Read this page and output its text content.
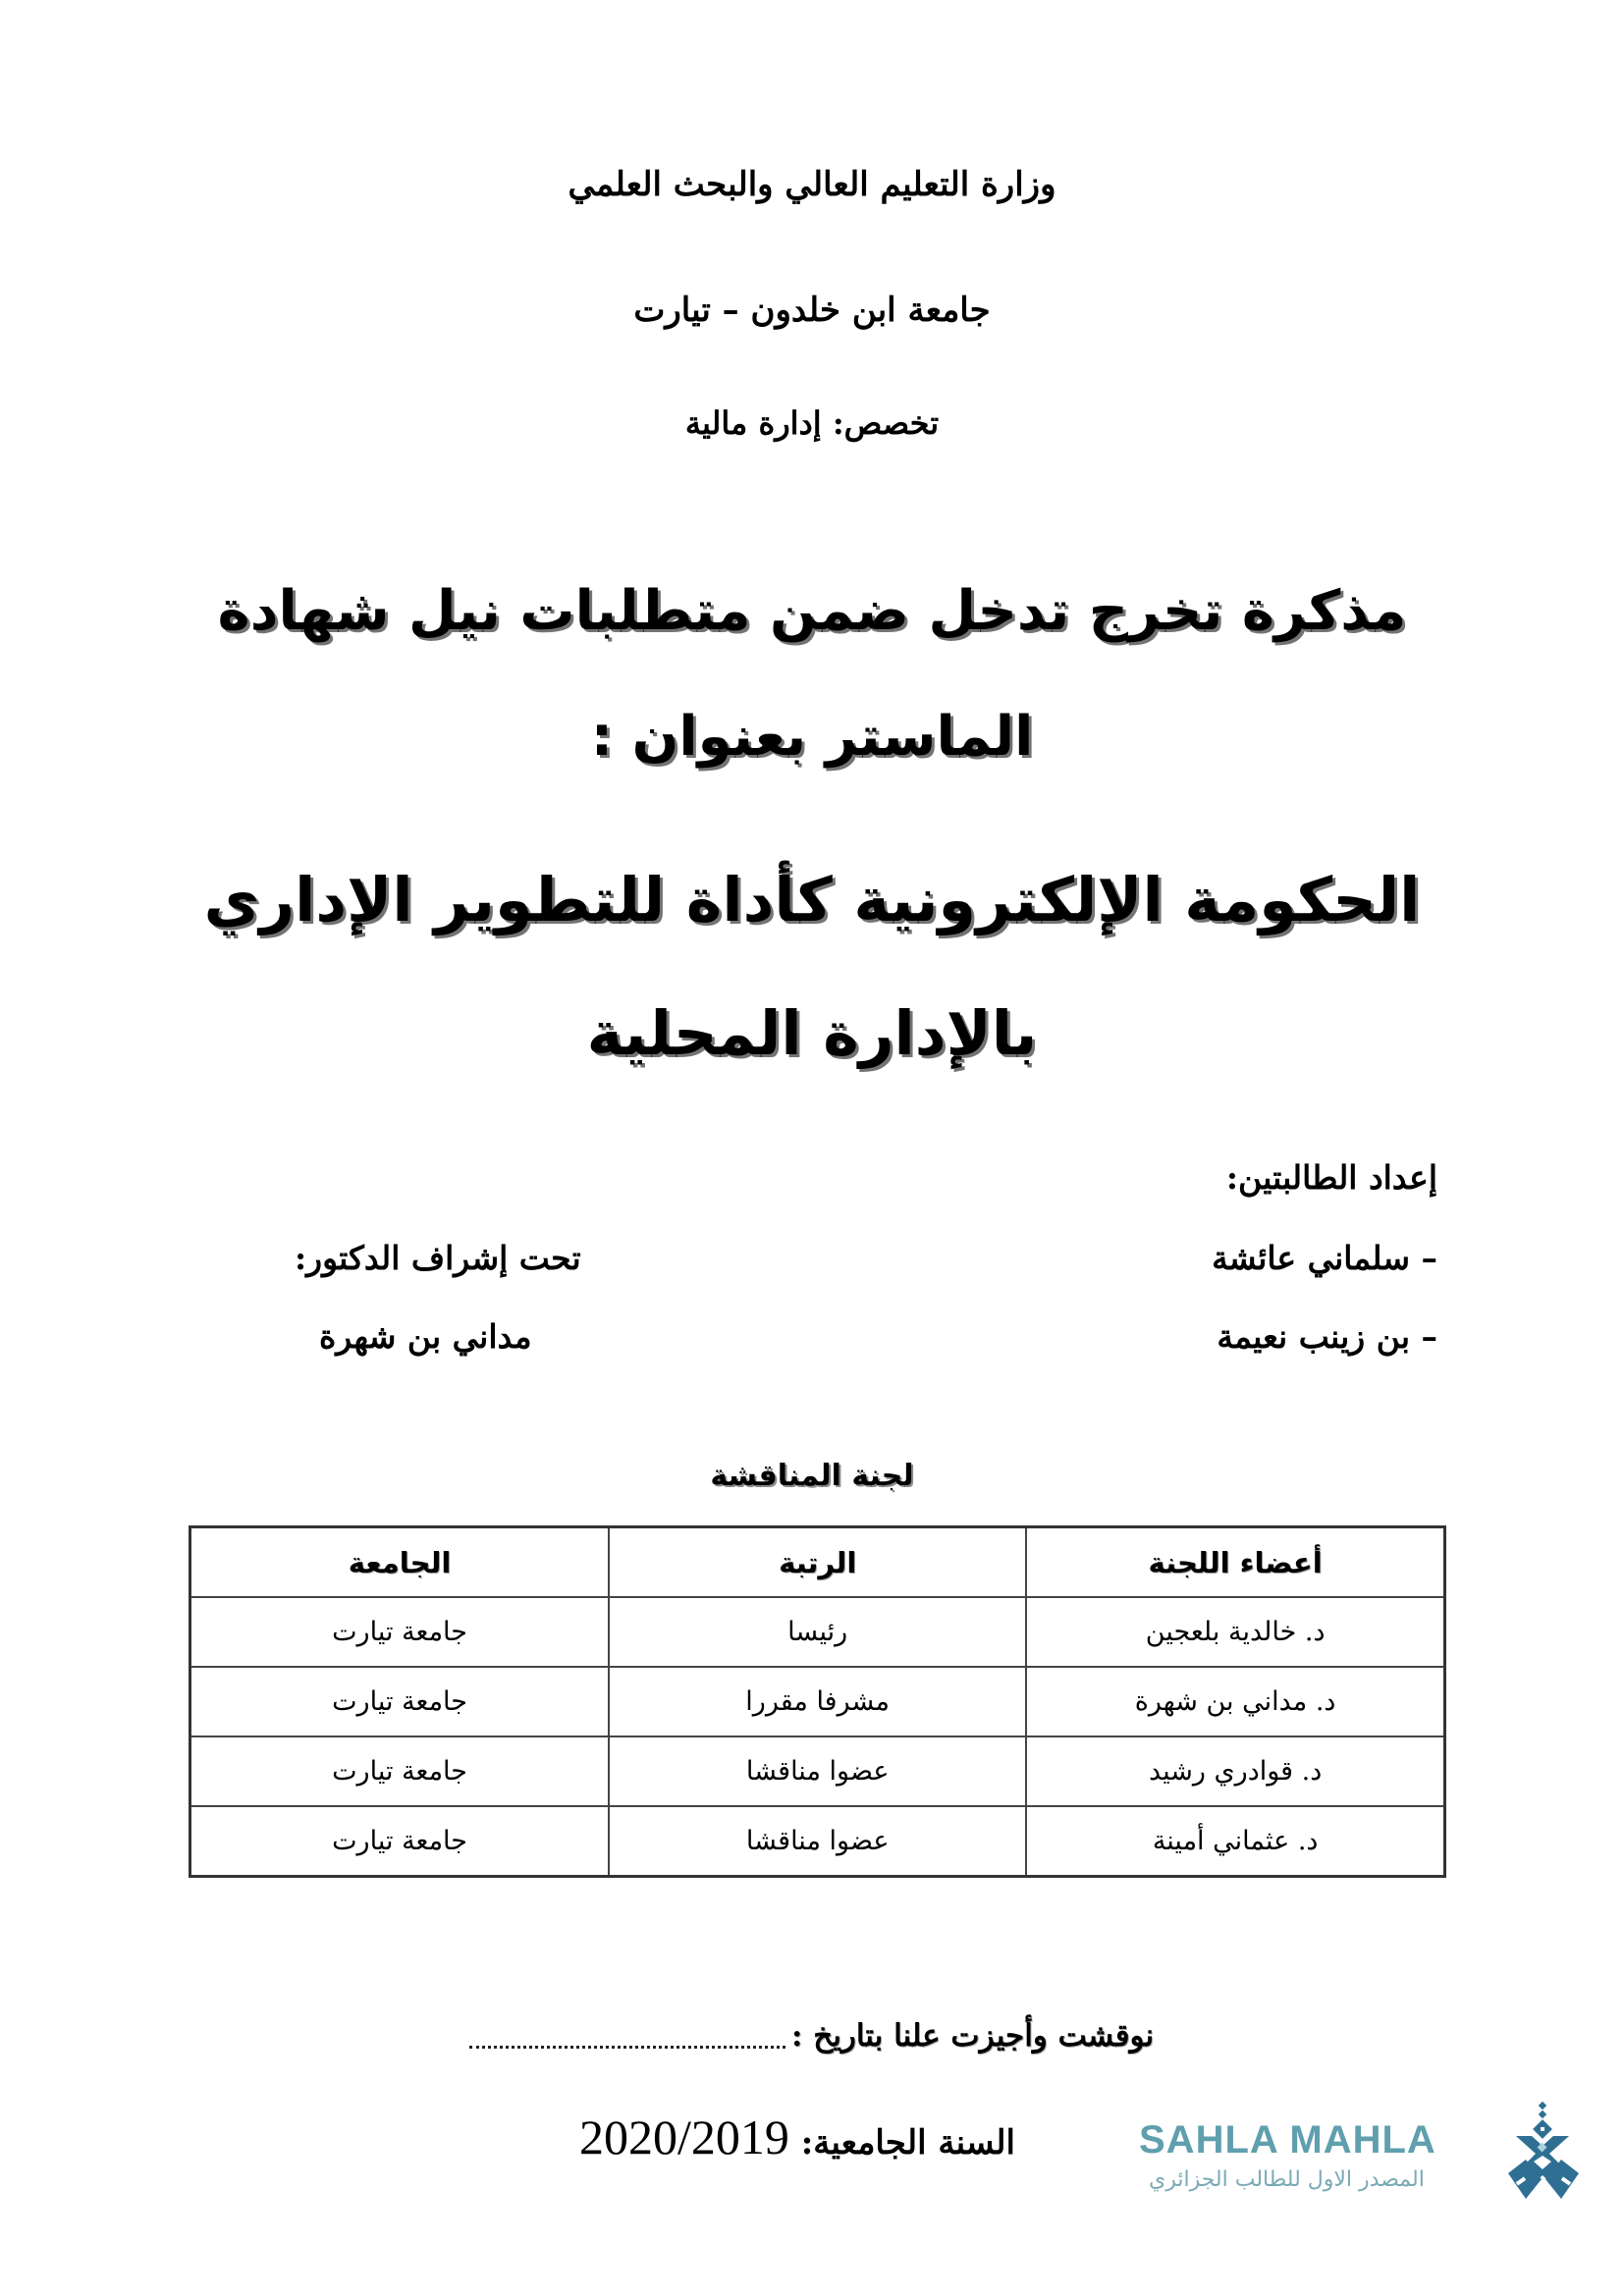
وزارة التعليم العالي والبحث العلمي
جامعة ابن خلدون – تيارت
تخصص: إدارة مالية
مذكرة تخرج تدخل ضمن متطلبات نيل شهادة
الماستر بعنوان :
الحكومة الإلكترونية كأداة للتطوير الإداري
بالإدارة المحلية
إعداد الطالبتين:
– سلماني عائشة
– بن زينب نعيمة
تحت إشراف الدكتور:
مداني بن شهرة
لجنة المناقشة
أعضاء اللجنة	الرتبة	الجامعة
د. خالدية بلعجين	رئيسا	جامعة تيارت
د. مداني بن شهرة	مشرفا مقررا	جامعة تيارت
د. قوادري رشيد	عضوا مناقشا	جامعة تيارت
د. عثماني أمينة	عضوا مناقشا	جامعة تيارت
نوقشت وأجيزت علنا بتاريخ :
السنة الجامعية: 2020/2019	SAHLA MAHLA
المصدر الاول للطالب الجزائري
